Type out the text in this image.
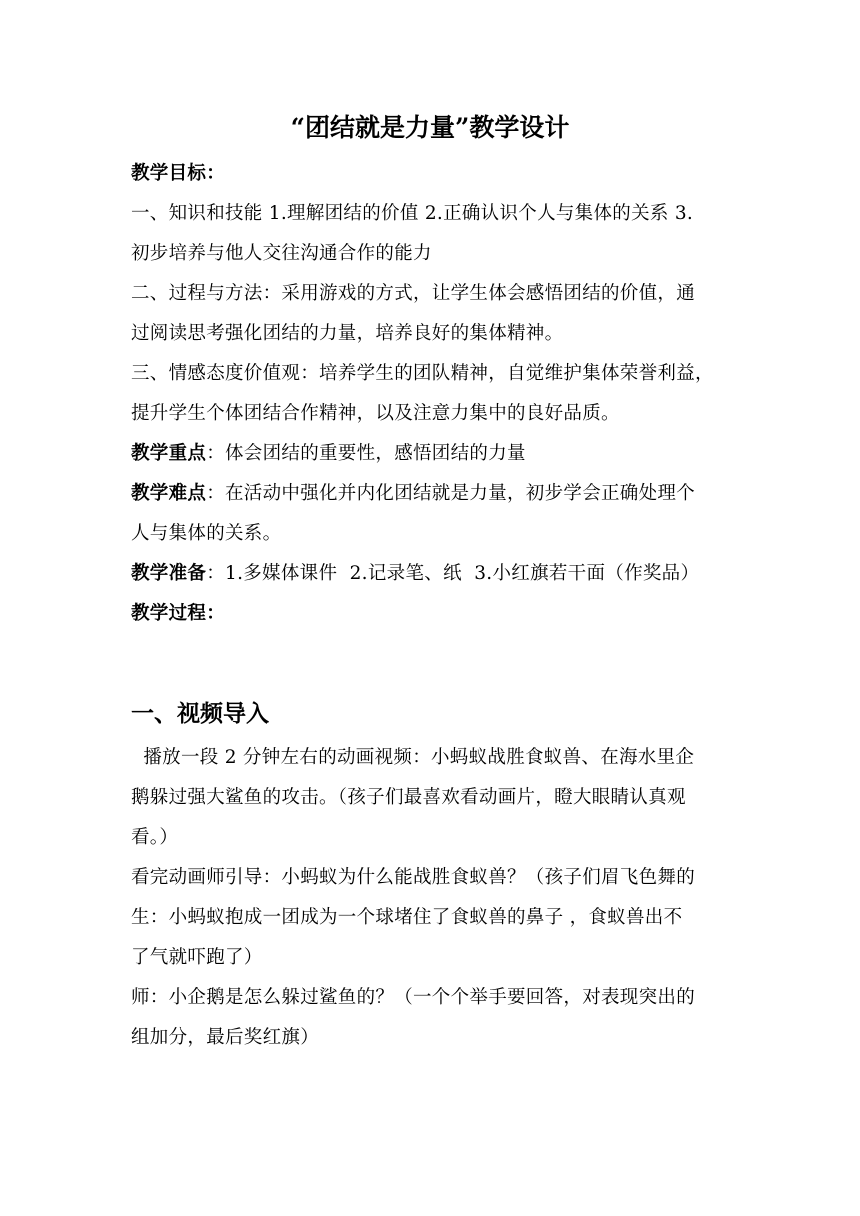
“团结就是力量”教学设计
教学目标：
一、知识和技能 1.理解团结的价值 2.正确认识个人与集体的关系 3.
初步培养与他人交往沟通合作的能力
二、过程与方法：采用游戏的方式，让学生体会感悟团结的价值，通
过阅读思考强化团结的力量，培养良好的集体精神。
三、情感态度价值观：培养学生的团队精神，自觉维护集体荣誉利益，
提升学生个体团结合作精神，以及注意力集中的良好品质。
教学重点：体会团结的重要性，感悟团结的力量
教学难点：在活动中强化并内化团结就是力量，初步学会正确处理个
人与集体的关系。
教学准备：1.多媒体课件  2.记录笔、纸  3.小红旗若干面（作奖品）
教学过程：
一、视频导入
播放一段 2 分钟左右的动画视频：小蚂蚁战胜食蚁兽、在海水里企
鹅躲过强大鲨鱼的攻击。（孩子们最喜欢看动画片，瞪大眼睛认真观
看。）
看完动画师引导：小蚂蚁为什么能战胜食蚁兽？（孩子们眉飞色舞的
生：小蚂蚁抱成一团成为一个球堵住了食蚁兽的鼻子 ，食蚁兽出不
了气就吓跑了）
师：小企鹅是怎么躲过鲨鱼的？（一个个举手要回答，对表现突出的
组加分，最后奖红旗）
